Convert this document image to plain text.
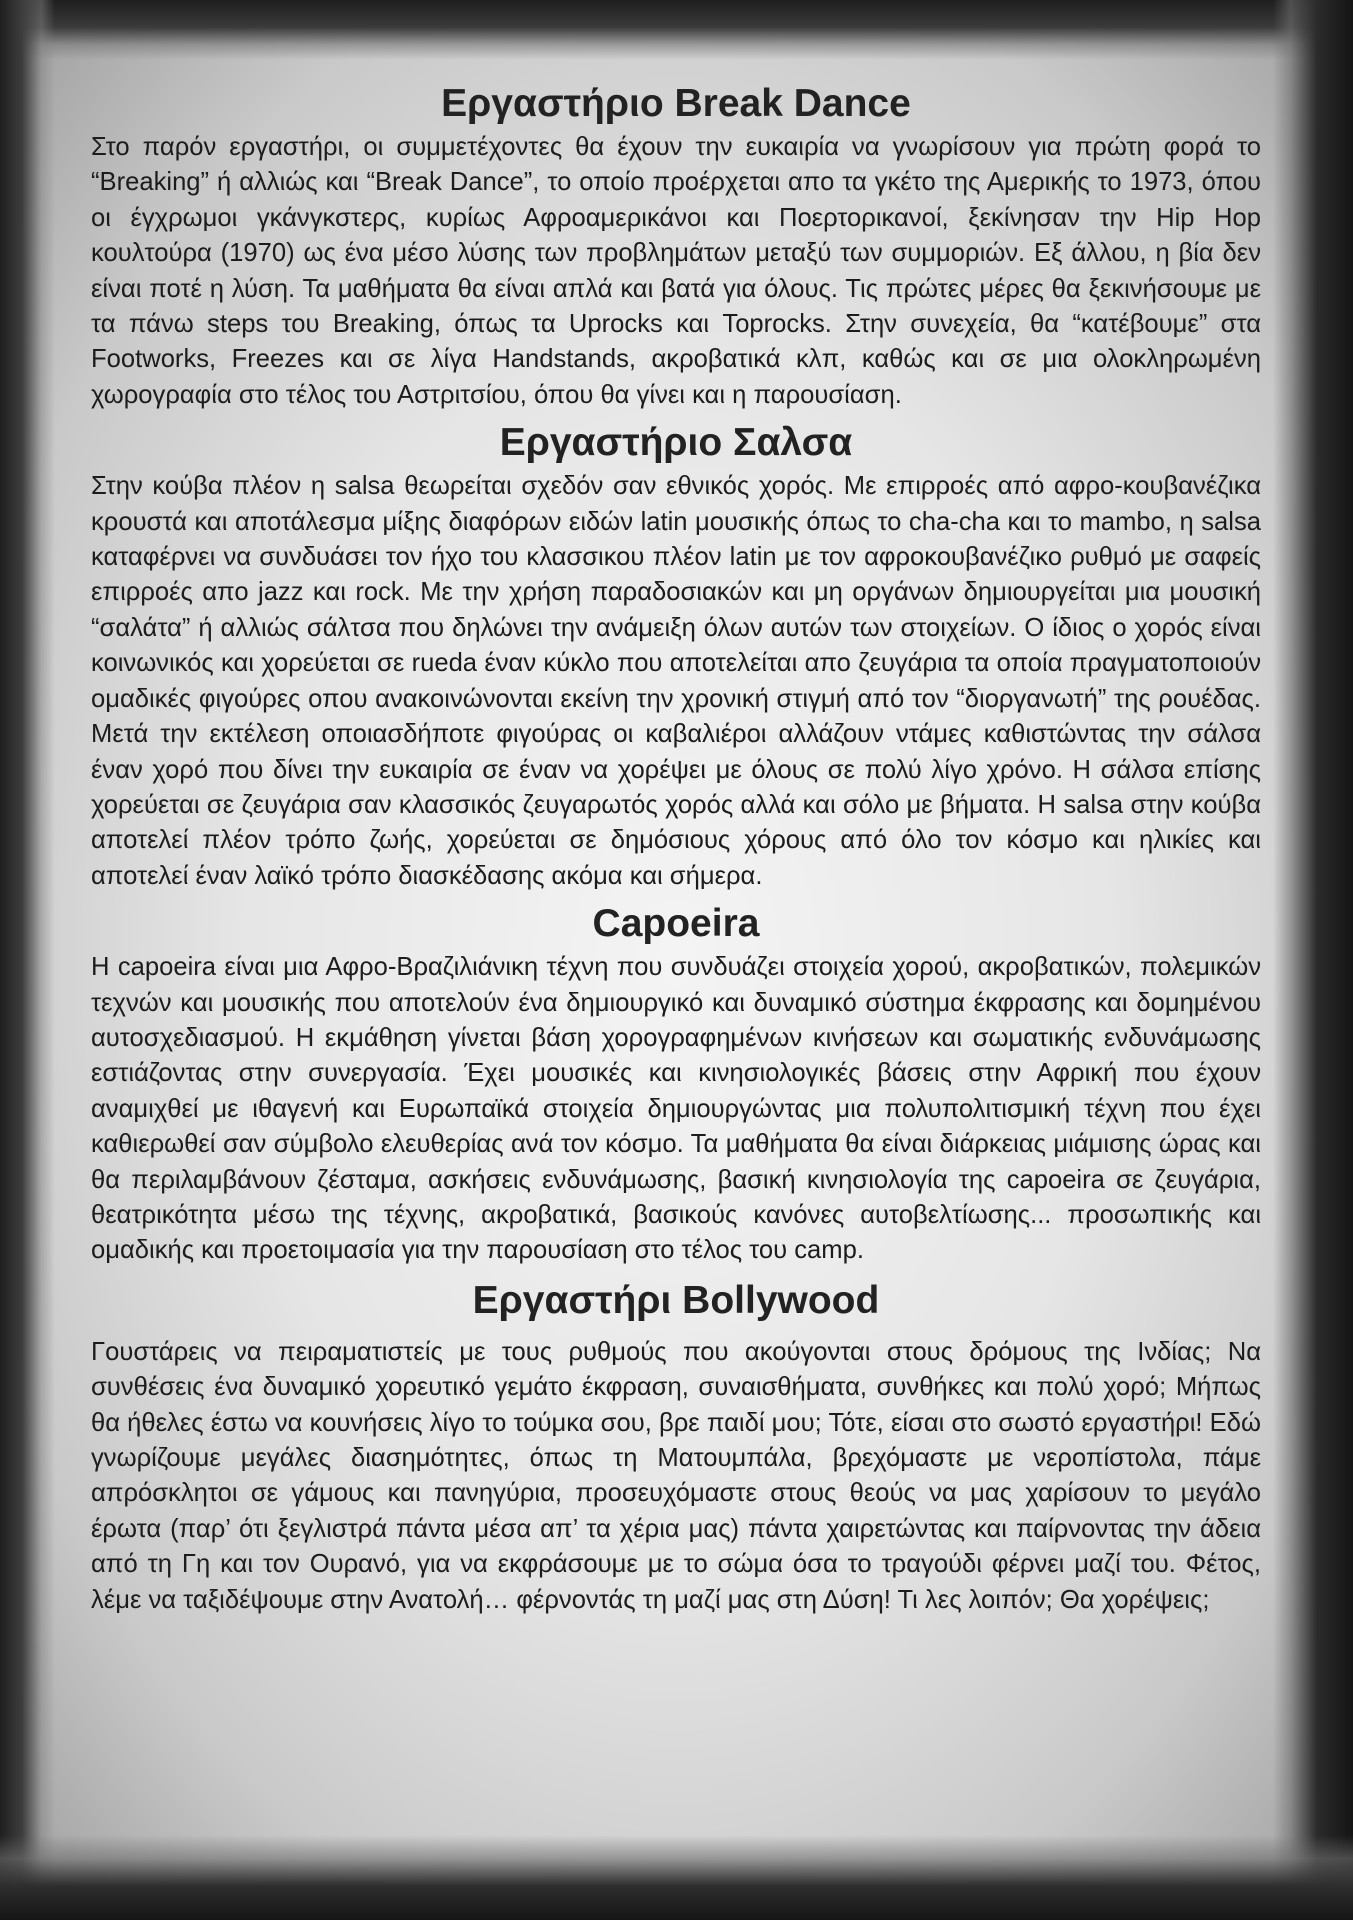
Εργαστήριο Break Dance

Στο παρόν εργαστήρι, οι συμμετέχοντες θα έχουν την ευκαιρία να γνωρίσουν για πρώτη φορά το “Breaking” ή αλλιώς και “Break Dance”, το οποίο προέρχεται απο τα γκέτο της Αμερικής το 1973, όπου οι έγχρωμοι γκάνγκστερς, κυρίως Αφροαμερικάνοι και Ποερτορικανοί, ξεκίνησαν την Hip Hop κουλτούρα (1970) ως ένα μέσο λύσης των προβλημάτων μεταξύ των συμμοριών. Εξ άλλου, η βία δεν είναι ποτέ η λύση. Τα μαθήματα θα είναι απλά και βατά για όλους. Τις πρώτες μέρες θα ξεκινήσουμε με τα πάνω steps του Breaking, όπως τα Uprocks και Toprocks. Στην συνεχεία, θα “κατέβουμε” στα Footworks, Freezes και σε λίγα Handstands, ακροβατικά κλπ, καθώς και σε μια ολοκληρωμένη χωρογραφία στο τέλος του Αστριτσίου, όπου θα γίνει και η παρουσίαση.

Εργαστήριο Σαλσα

Στην κούβα πλέον η salsa θεωρείται σχεδόν σαν εθνικός χορός. Με επιρροές από αφρο-κουβανέζικα κρουστά και αποτάλεσμα μίξης διαφόρων ειδών latin μουσικής όπως το cha-cha και το mambo, η salsa καταφέρνει να συνδυάσει τον ήχο του κλασσικου πλέον latin με τον αφροκουβανέζικο ρυθμό με σαφείς επιρροές απο jazz και rock. Με την χρήση παραδοσιακών και μη οργάνων δημιουργείται μια μουσική “σαλάτα” ή αλλιώς σάλτσα που δηλώνει την ανάμειξη όλων αυτών των στοιχείων. Ο ίδιος ο χορός είναι κοινωνικός και χορεύεται σε rueda έναν κύκλο που αποτελείται απο ζευγάρια τα οποία πραγματοποιούν ομαδικές φιγούρες οπου ανακοινώνονται εκείνη την χρονική στιγμή από τον “διοργανωτή” της ρουέδας. Μετά την εκτέλεση οποιασδήποτε φιγούρας οι καβαλιέροι αλλάζουν ντάμες καθιστώντας την σάλσα έναν χορό που δίνει την ευκαιρία σε έναν να χορέψει με όλους σε πολύ λίγο χρόνο. Η σάλσα επίσης χορεύεται σε ζευγάρια σαν κλασσικός ζευγαρωτός χορός αλλά και σόλο με βήματα. Η salsa στην κούβα αποτελεί πλέον τρόπο ζωής, χορεύεται σε δημόσιους χόρους από όλο τον κόσμο και ηλικίες και αποτελεί έναν λαϊκό τρόπο διασκέδασης ακόμα και σήμερα.

Capoeira

Η capoeira είναι μια Αφρο-Βραζιλιάνικη τέχνη που συνδυάζει στοιχεία χορού, ακροβατικών, πολεμικών τεχνών και μουσικής που αποτελούν ένα δημιουργικό και δυναμικό σύστημα έκφρασης και δομημένου αυτοσχεδιασμού. Η εκμάθηση γίνεται βάση χορογραφημένων κινήσεων και σωματικής ενδυνάμωσης εστιάζοντας στην συνεργασία. Έχει μουσικές και κινησιολογικές βάσεις στην Αφρική που έχουν αναμιχθεί με ιθαγενή και Ευρωπαϊκά στοιχεία δημιουργώντας μια πολυπολιτισμική τέχνη που έχει καθιερωθεί σαν σύμβολο ελευθερίας ανά τον κόσμο. Τα μαθήματα θα είναι διάρκειας μιάμισης ώρας και θα περιλαμβάνουν ζέσταμα, ασκήσεις ενδυνάμωσης, βασική κινησιολογία της capoeira σε ζευγάρια, θεατρικότητα μέσω της τέχνης, ακροβατικά, βασικούς κανόνες αυτοβελτίωσης... προσωπικής και ομαδικής και προετοιμασία για την παρουσίαση στο τέλος του camp.

Εργαστήρι Bollywood

Γουστάρεις να πειραματιστείς με τους ρυθμούς που ακούγονται στους δρόμους της Ινδίας; Να συνθέσεις ένα δυναμικό χορευτικό γεμάτο έκφραση, συναισθήματα, συνθήκες και πολύ χορό; Μήπως θα ήθελες έστω να κουνήσεις λίγο το τούμκα σου, βρε παιδί μου; Τότε, είσαι στο σωστό εργαστήρι! Εδώ γνωρίζουμε μεγάλες διασημότητες, όπως τη Ματουμπάλα, βρεχόμαστε με νεροπίστολα, πάμε απρόσκλητοι σε γάμους και πανηγύρια, προσευχόμαστε στους θεούς να μας χαρίσουν το μεγάλο έρωτα (παρ’ ότι ξεγλιστρά πάντα μέσα απ’ τα χέρια μας) πάντα χαιρετώντας και παίρνοντας την άδεια από τη Γη και τον Ουρανό, για να εκφράσουμε με το σώμα όσα το τραγούδι φέρνει μαζί του. Φέτος, λέμε να ταξιδέψουμε στην Ανατολή… φέρνοντάς τη μαζί μας στη Δύση! Τι λες λοιπόν; Θα χορέψεις;
